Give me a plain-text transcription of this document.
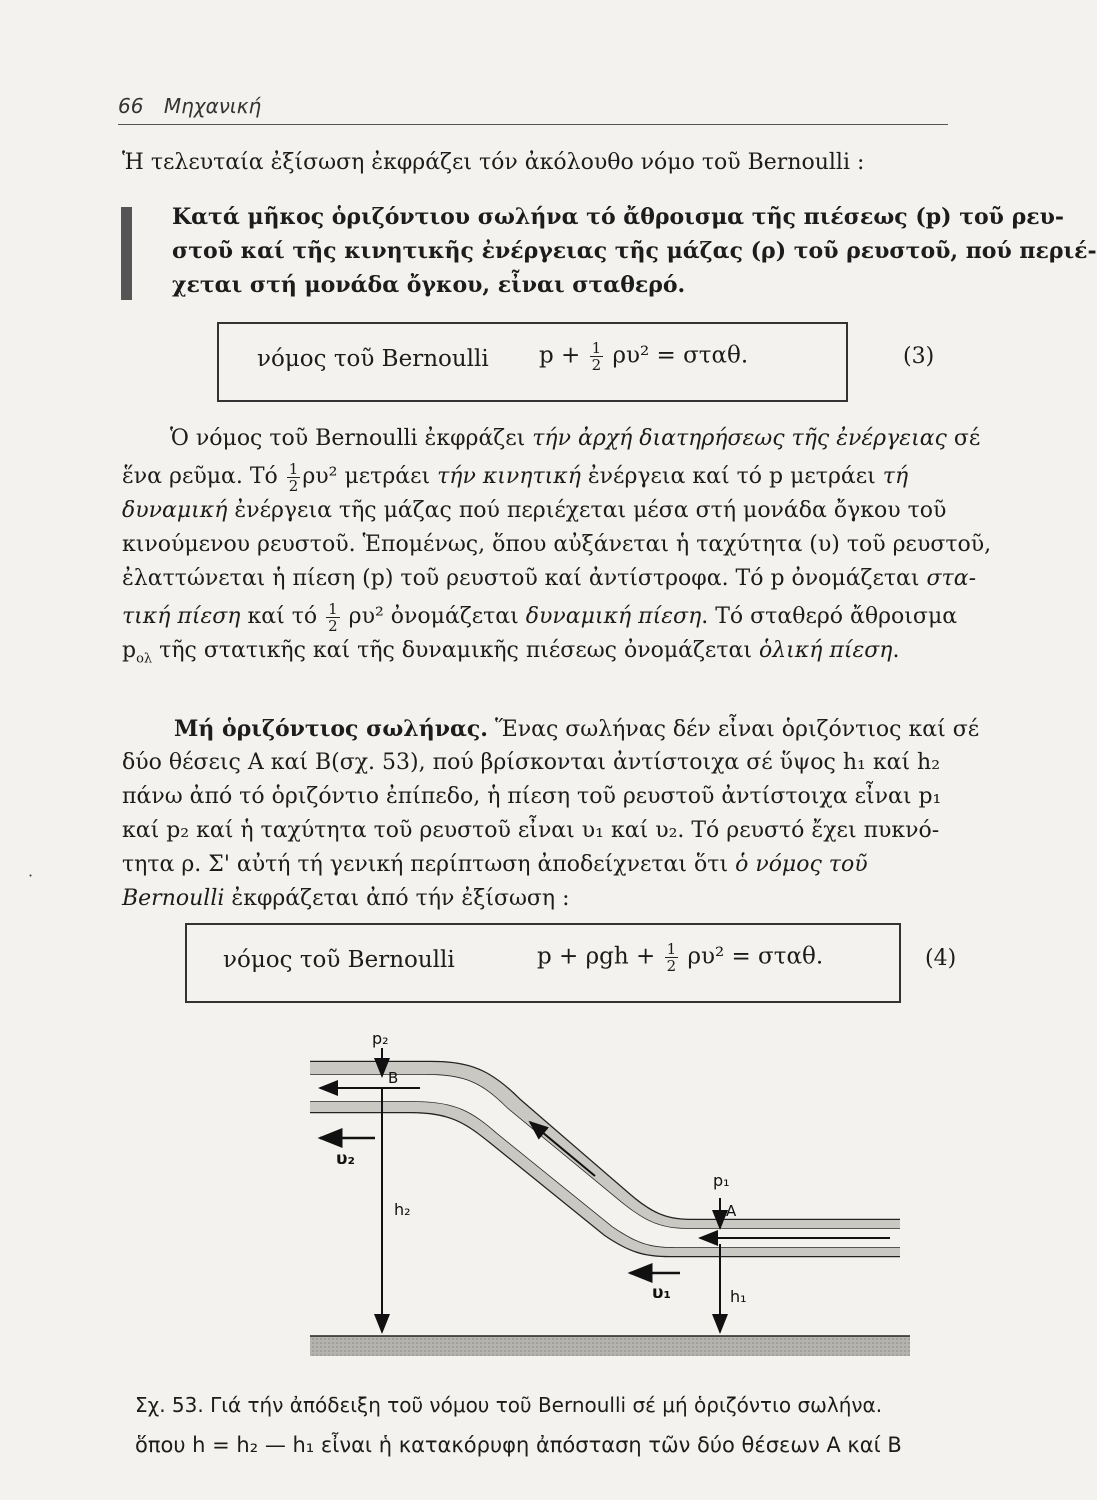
66 Μηχανική
Ἡ τελευταία ἐξίσωση ἐκφράζει τόν ἀκόλουθο νόμο τοῦ Bernoulli :
Κατά μῆκος ὁριζόντιου σωλήνα τό ἄθροισμα τῆς πιέσεως (p) τοῦ ρευ-
στοῦ καί τῆς κινητικῆς ἐνέργειας τῆς μάζας (ρ) τοῦ ρευστοῦ, πού περιέ-
χεται στή μονάδα ὄγκου, εἶναι σταθερό.
νόμος τοῦ Bernoulli $p + \frac{1}{2} \rho\upsilon^2 = \sigma\tau\alpha\theta$.	(3)
Ὁ νόμος τοῦ Bernoulli ἐκφράζει τήν ἀρχή διατηρήσεως τῆς ἐνέργειας σέ
ἕνα ρεῦμα. Τό $\frac{1}{2} \rho\upsilon^2$ μετράει τήν κινητική ἐνέργεια καί τό p μετράει τή
δυναμική ἐνέργεια τῆς μάζας πού περιέχεται μέσα στή μονάδα ὄγκου τοῦ
κινούμενου ρευστοῦ. Ἑπομένως, ὅπου αὐξάνεται ἡ ταχύτητα (υ) τοῦ ρευστοῦ,
ἐλαττώνεται ἡ πίεση (p) τοῦ ρευστοῦ καί ἀντίστροφα. Τό p ὀνομάζεται στα-
τική πίεση καί τό $\frac{1}{2} \rho\upsilon^2$ ὀνομάζεται δυναμική πίεση. Τό σταθερό ἄθροισμα
$p_{o\lambda}$ τῆς στατικῆς καί τῆς δυναμικῆς πιέσεως ὀνομάζεται ὁλική πίεση.
Μή ὁριζόντιος σωλήνας. Ἕνας σωλήνας δέν εἶναι ὁριζόντιος καί σέ
δύο θέσεις A καί B(σχ. 53), πού βρίσκονται ἀντίστοιχα σέ ὕψος h₁ καί h₂
πάνω ἀπό τό ὁριζόντιο ἐπίπεδο, ἡ πίεση τοῦ ρευστοῦ ἀντίστοιχα εἶναι p₁
καί p₂ καί ἡ ταχύτητα τοῦ ρευστοῦ εἶναι υ₁ καί υ₂. Τό ρευστό ἔχει πυκνό-
τητα ρ. Σ' αὐτή τή γενική περίπτωση ἀποδείχνεται ὅτι ὁ νόμος τοῦ
Bernoulli ἐκφράζεται ἀπό τήν ἐξίσωση :
·
νόμος τοῦ Bernoulli	$p + \rho gh + \frac{1}{2} \rho\upsilon^2 = \sigma\tau\alpha\theta$.	(4)
p₂
B
υ₂
h₂
p₁
A
υ₁	h₁
Σχ. 53. Γιά τήν ἀπόδειξη τοῦ νόμου τοῦ Bernoulli σέ μή ὁριζόντιο σωλήνα.
ὅπου h = h₂ — h₁ εἶναι ἡ κατακόρυφη ἀπόσταση τῶν δύο θέσεων A καί B
